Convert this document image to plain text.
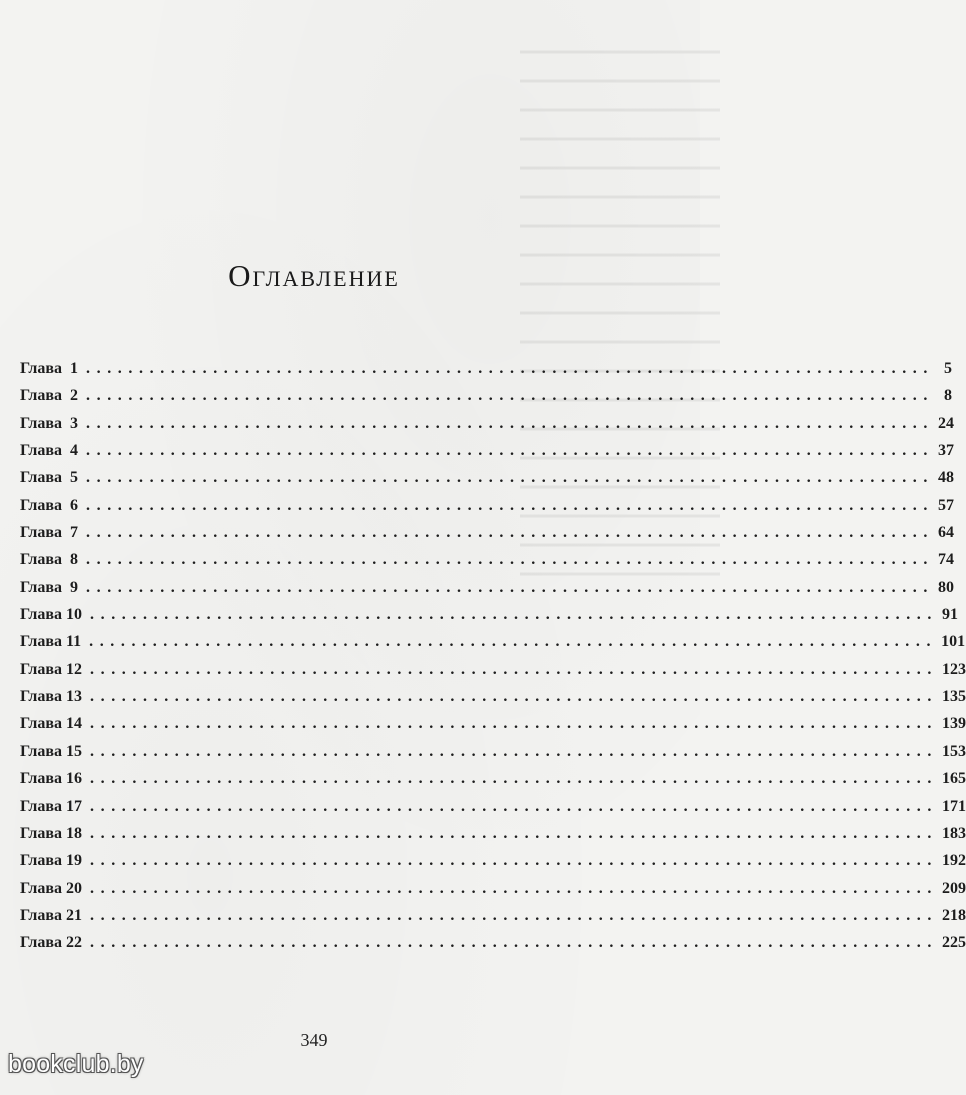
Оглавление
Глава  1 ................................................................................ 5
Глава  2 ................................................................................ 8
Глава  3 ................................................................................ 24
Глава  4 ................................................................................ 37
Глава  5 ................................................................................ 48
Глава  6 ................................................................................ 57
Глава  7 ................................................................................ 64
Глава  8 ................................................................................ 74
Глава  9 ................................................................................ 80
Глава 10 ................................................................................ 91
Глава 11 ................................................................................ 101
Глава 12 ................................................................................ 123
Глава 13 ................................................................................ 135
Глава 14 ................................................................................ 139
Глава 15 ................................................................................ 153
Глава 16 ................................................................................ 165
Глава 17 ................................................................................ 171
Глава 18 ................................................................................ 183
Глава 19 ................................................................................ 192
Глава 20 ................................................................................ 209
Глава 21 ................................................................................ 218
Глава 22 ................................................................................ 225
349
bookclub.by
